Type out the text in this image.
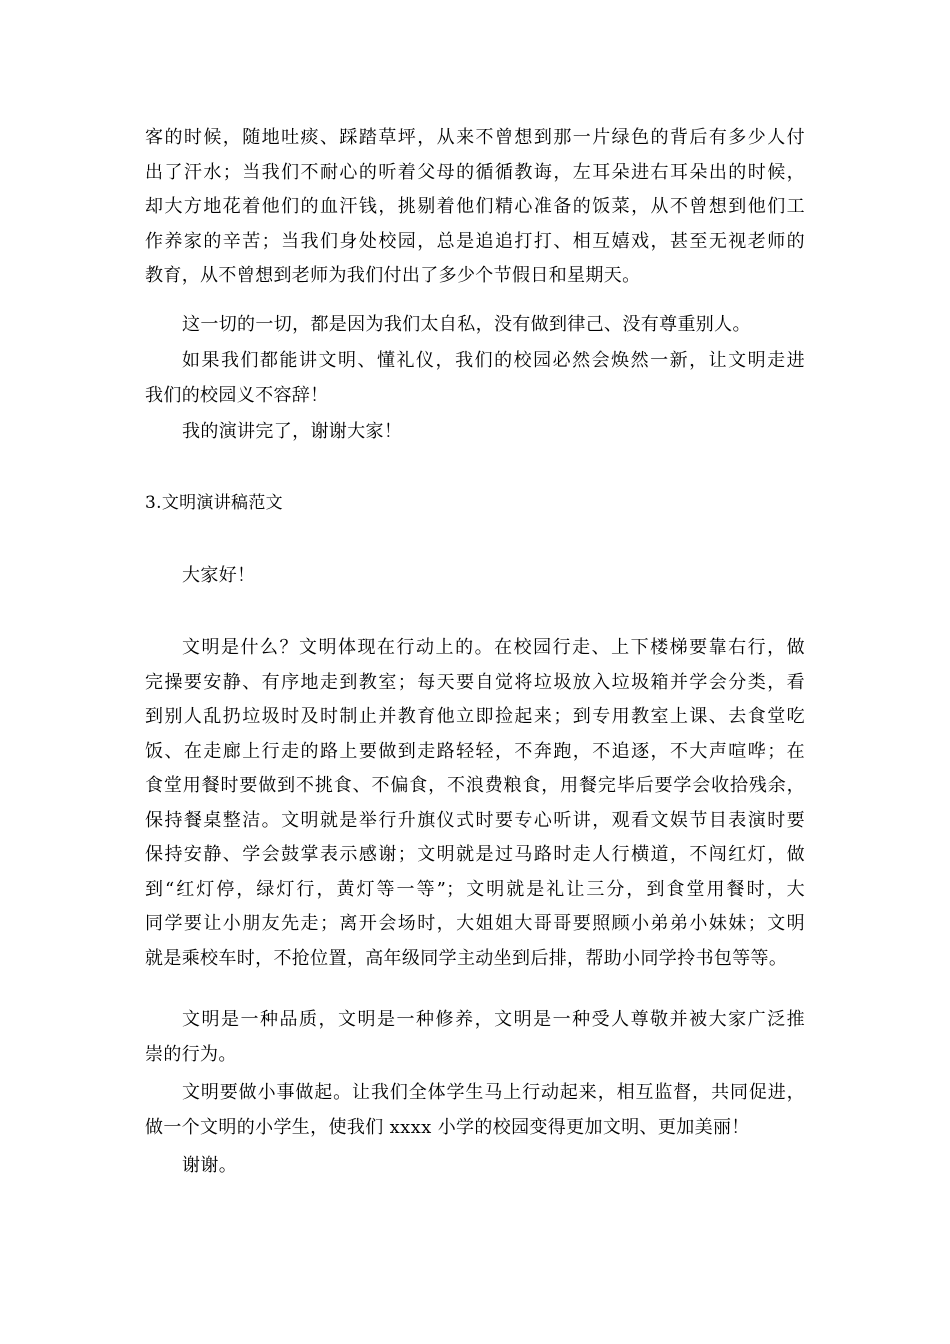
客的时候，随地吐痰、踩踏草坪，从来不曾想到那一片绿色的背后有多少人付
出了汗水；当我们不耐心的听着父母的循循教诲，左耳朵进右耳朵出的时候，
却大方地花着他们的血汗钱，挑剔着他们精心准备的饭菜，从不曾想到他们工
作养家的辛苦；当我们身处校园，总是追追打打、相互嬉戏，甚至无视老师的
教育，从不曾想到老师为我们付出了多少个节假日和星期天。
这一切的一切，都是因为我们太自私，没有做到律己、没有尊重别人。
如果我们都能讲文明、懂礼仪，我们的校园必然会焕然一新，让文明走进
我们的校园义不容辞！
我的演讲完了，谢谢大家！
3.文明演讲稿范文
大家好！
文明是什么？文明体现在行动上的。在校园行走、上下楼梯要靠右行，做
完操要安静、有序地走到教室；每天要自觉将垃圾放入垃圾箱并学会分类，看
到别人乱扔垃圾时及时制止并教育他立即捡起来；到专用教室上课、去食堂吃
饭、在走廊上行走的路上要做到走路轻轻，不奔跑，不追逐，不大声喧哗；在
食堂用餐时要做到不挑食、不偏食，不浪费粮食，用餐完毕后要学会收拾残余，
保持餐桌整洁。文明就是举行升旗仪式时要专心听讲，观看文娱节目表演时要
保持安静、学会鼓掌表示感谢；文明就是过马路时走人行横道，不闯红灯，做
到“红灯停，绿灯行，黄灯等一等”；文明就是礼让三分，到食堂用餐时，大
同学要让小朋友先走；离开会场时，大姐姐大哥哥要照顾小弟弟小妹妹；文明
就是乘校车时，不抢位置，高年级同学主动坐到后排，帮助小同学拎书包等等。
文明是一种品质，文明是一种修养，文明是一种受人尊敬并被大家广泛推
崇的行为。
文明要做小事做起。让我们全体学生马上行动起来，相互监督，共同促进，
做一个文明的小学生，使我们 xxxx 小学的校园变得更加文明、更加美丽！
谢谢。
